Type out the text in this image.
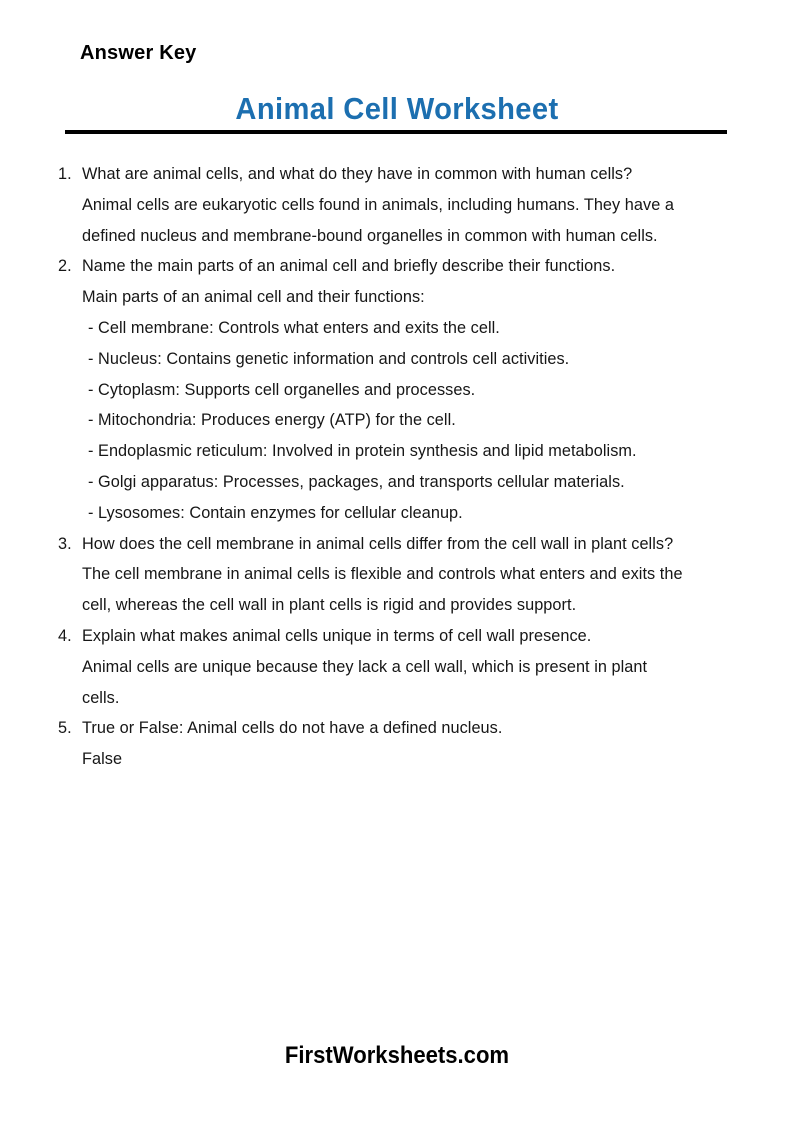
Answer Key
Animal Cell Worksheet
1. What are animal cells, and what do they have in common with human cells?
Animal cells are eukaryotic cells found in animals, including humans. They have a
defined nucleus and membrane-bound organelles in common with human cells.
2. Name the main parts of an animal cell and briefly describe their functions.
Main parts of an animal cell and their functions:
- Cell membrane: Controls what enters and exits the cell.
- Nucleus: Contains genetic information and controls cell activities.
- Cytoplasm: Supports cell organelles and processes.
- Mitochondria: Produces energy (ATP) for the cell.
- Endoplasmic reticulum: Involved in protein synthesis and lipid metabolism.
- Golgi apparatus: Processes, packages, and transports cellular materials.
- Lysosomes: Contain enzymes for cellular cleanup.
3. How does the cell membrane in animal cells differ from the cell wall in plant cells?
The cell membrane in animal cells is flexible and controls what enters and exits the
cell, whereas the cell wall in plant cells is rigid and provides support.
4. Explain what makes animal cells unique in terms of cell wall presence.
Animal cells are unique because they lack a cell wall, which is present in plant
cells.
5. True or False: Animal cells do not have a defined nucleus.
False
FirstWorksheets.com
